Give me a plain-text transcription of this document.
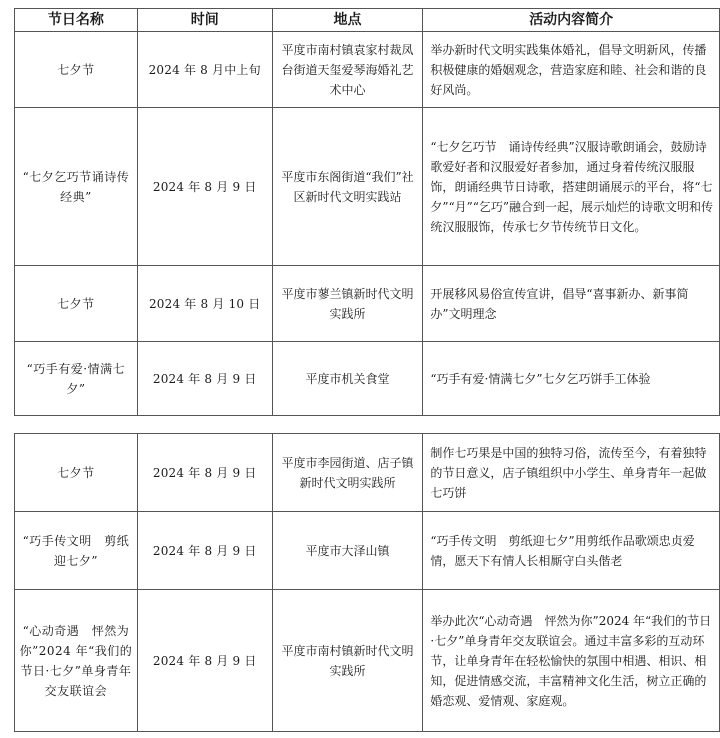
节日名称	时间	地点	活动内容简介
七夕节	2024 年 8 月中上旬	平度市南村镇袁家村裁凤台街道天玺爱琴海婚礼艺术中心	举办新时代文明实践集体婚礼，倡导文明新风，传播积极健康的婚姻观念，营造家庭和睦、社会和谐的良好风尚。
“七夕乞巧节诵诗传经典”	2024 年 8 月 9 日	平度市东阁街道“我们”社区新时代文明实践站	“七夕乞巧节　诵诗传经典”汉服诗歌朗诵会，鼓励诗歌爱好者和汉服爱好者参加，通过身着传统汉服服饰，朗诵经典节日诗歌，搭建朗诵展示的平台，将“七夕”“月”“乞巧”融合到一起，展示灿烂的诗歌文明和传统汉服服饰，传承七夕节传统节日文化。
七夕节	2024 年 8 月 10 日	平度市蓼兰镇新时代文明实践所	开展移风易俗宣传宣讲，倡导“喜事新办、新事简办”文明理念
“巧手有爱·情满七夕”	2024 年 8 月 9 日	平度市机关食堂	“巧手有爱·情满七夕”七夕乞巧饼手工体验
七夕节	2024 年 8 月 9 日	平度市李园街道、店子镇新时代文明实践所	制作七巧果是中国的独特习俗，流传至今，有着独特的节日意义，店子镇组织中小学生、单身青年一起做七巧饼
“巧手传文明　剪纸迎七夕”	2024 年 8 月 9 日	平度市大泽山镇	“巧手传文明　剪纸迎七夕”用剪纸作品歌颂忠贞爱情，愿天下有情人长相厮守白头偕老
“心动奇遇　怦然为你”2024 年“我们的节日·七夕”单身青年交友联谊会	2024 年 8 月 9 日	平度市南村镇新时代文明实践所	举办此次“心动奇遇　怦然为你”2024 年“我们的节日·七夕”单身青年交友联谊会。通过丰富多彩的互动环节，让单身青年在轻松愉快的氛围中相遇、相识、相知，促进情感交流，丰富精神文化生活，树立正确的婚恋观、爱情观、家庭观。
